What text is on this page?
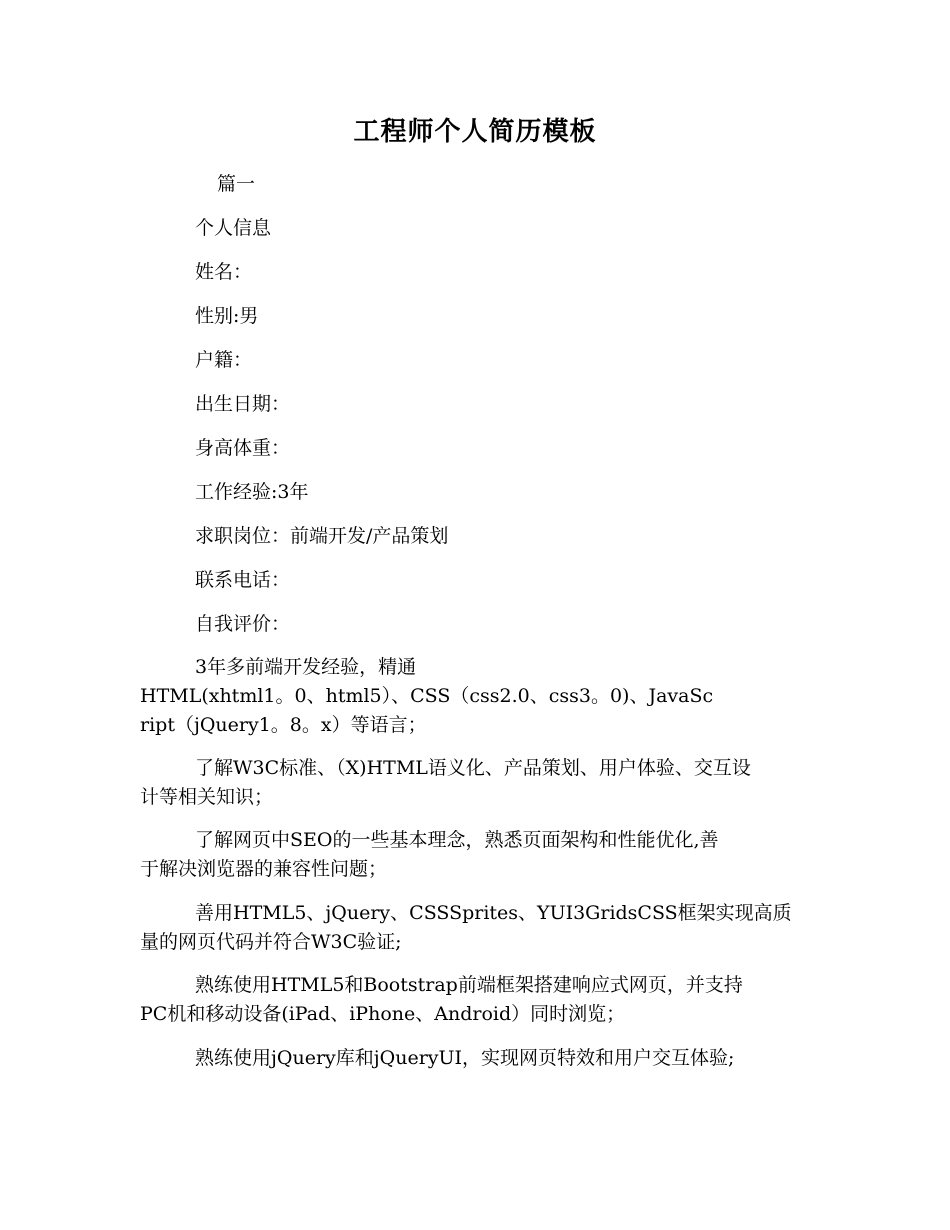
工程师个人简历模板
篇一
个人信息
姓名：
性别:男
户籍：
出生日期：
身高体重：
工作经验:3年
求职岗位：前端开发/产品策划
联系电话：
自我评价：
3年多前端开发经验，精通
HTML(xhtml1。0、html5）、CSS（css2.0、css3。0)、JavaSc
ript（jQuery1。8。x）等语言；
了解W3C标准、（X)HTML语义化、产品策划、用户体验、交互设
计等相关知识；
了解网页中SEO的一些基本理念，熟悉页面架构和性能优化,善
于解决浏览器的兼容性问题；
善用HTML5、jQuery、CSSSprites、YUI3GridsCSS框架实现高质
量的网页代码并符合W3C验证;
熟练使用HTML5和Bootstrap前端框架搭建响应式网页，并支持
PC机和移动设备(iPad、iPhone、Android）同时浏览；
熟练使用jQuery库和jQueryUI，实现网页特效和用户交互体验;
